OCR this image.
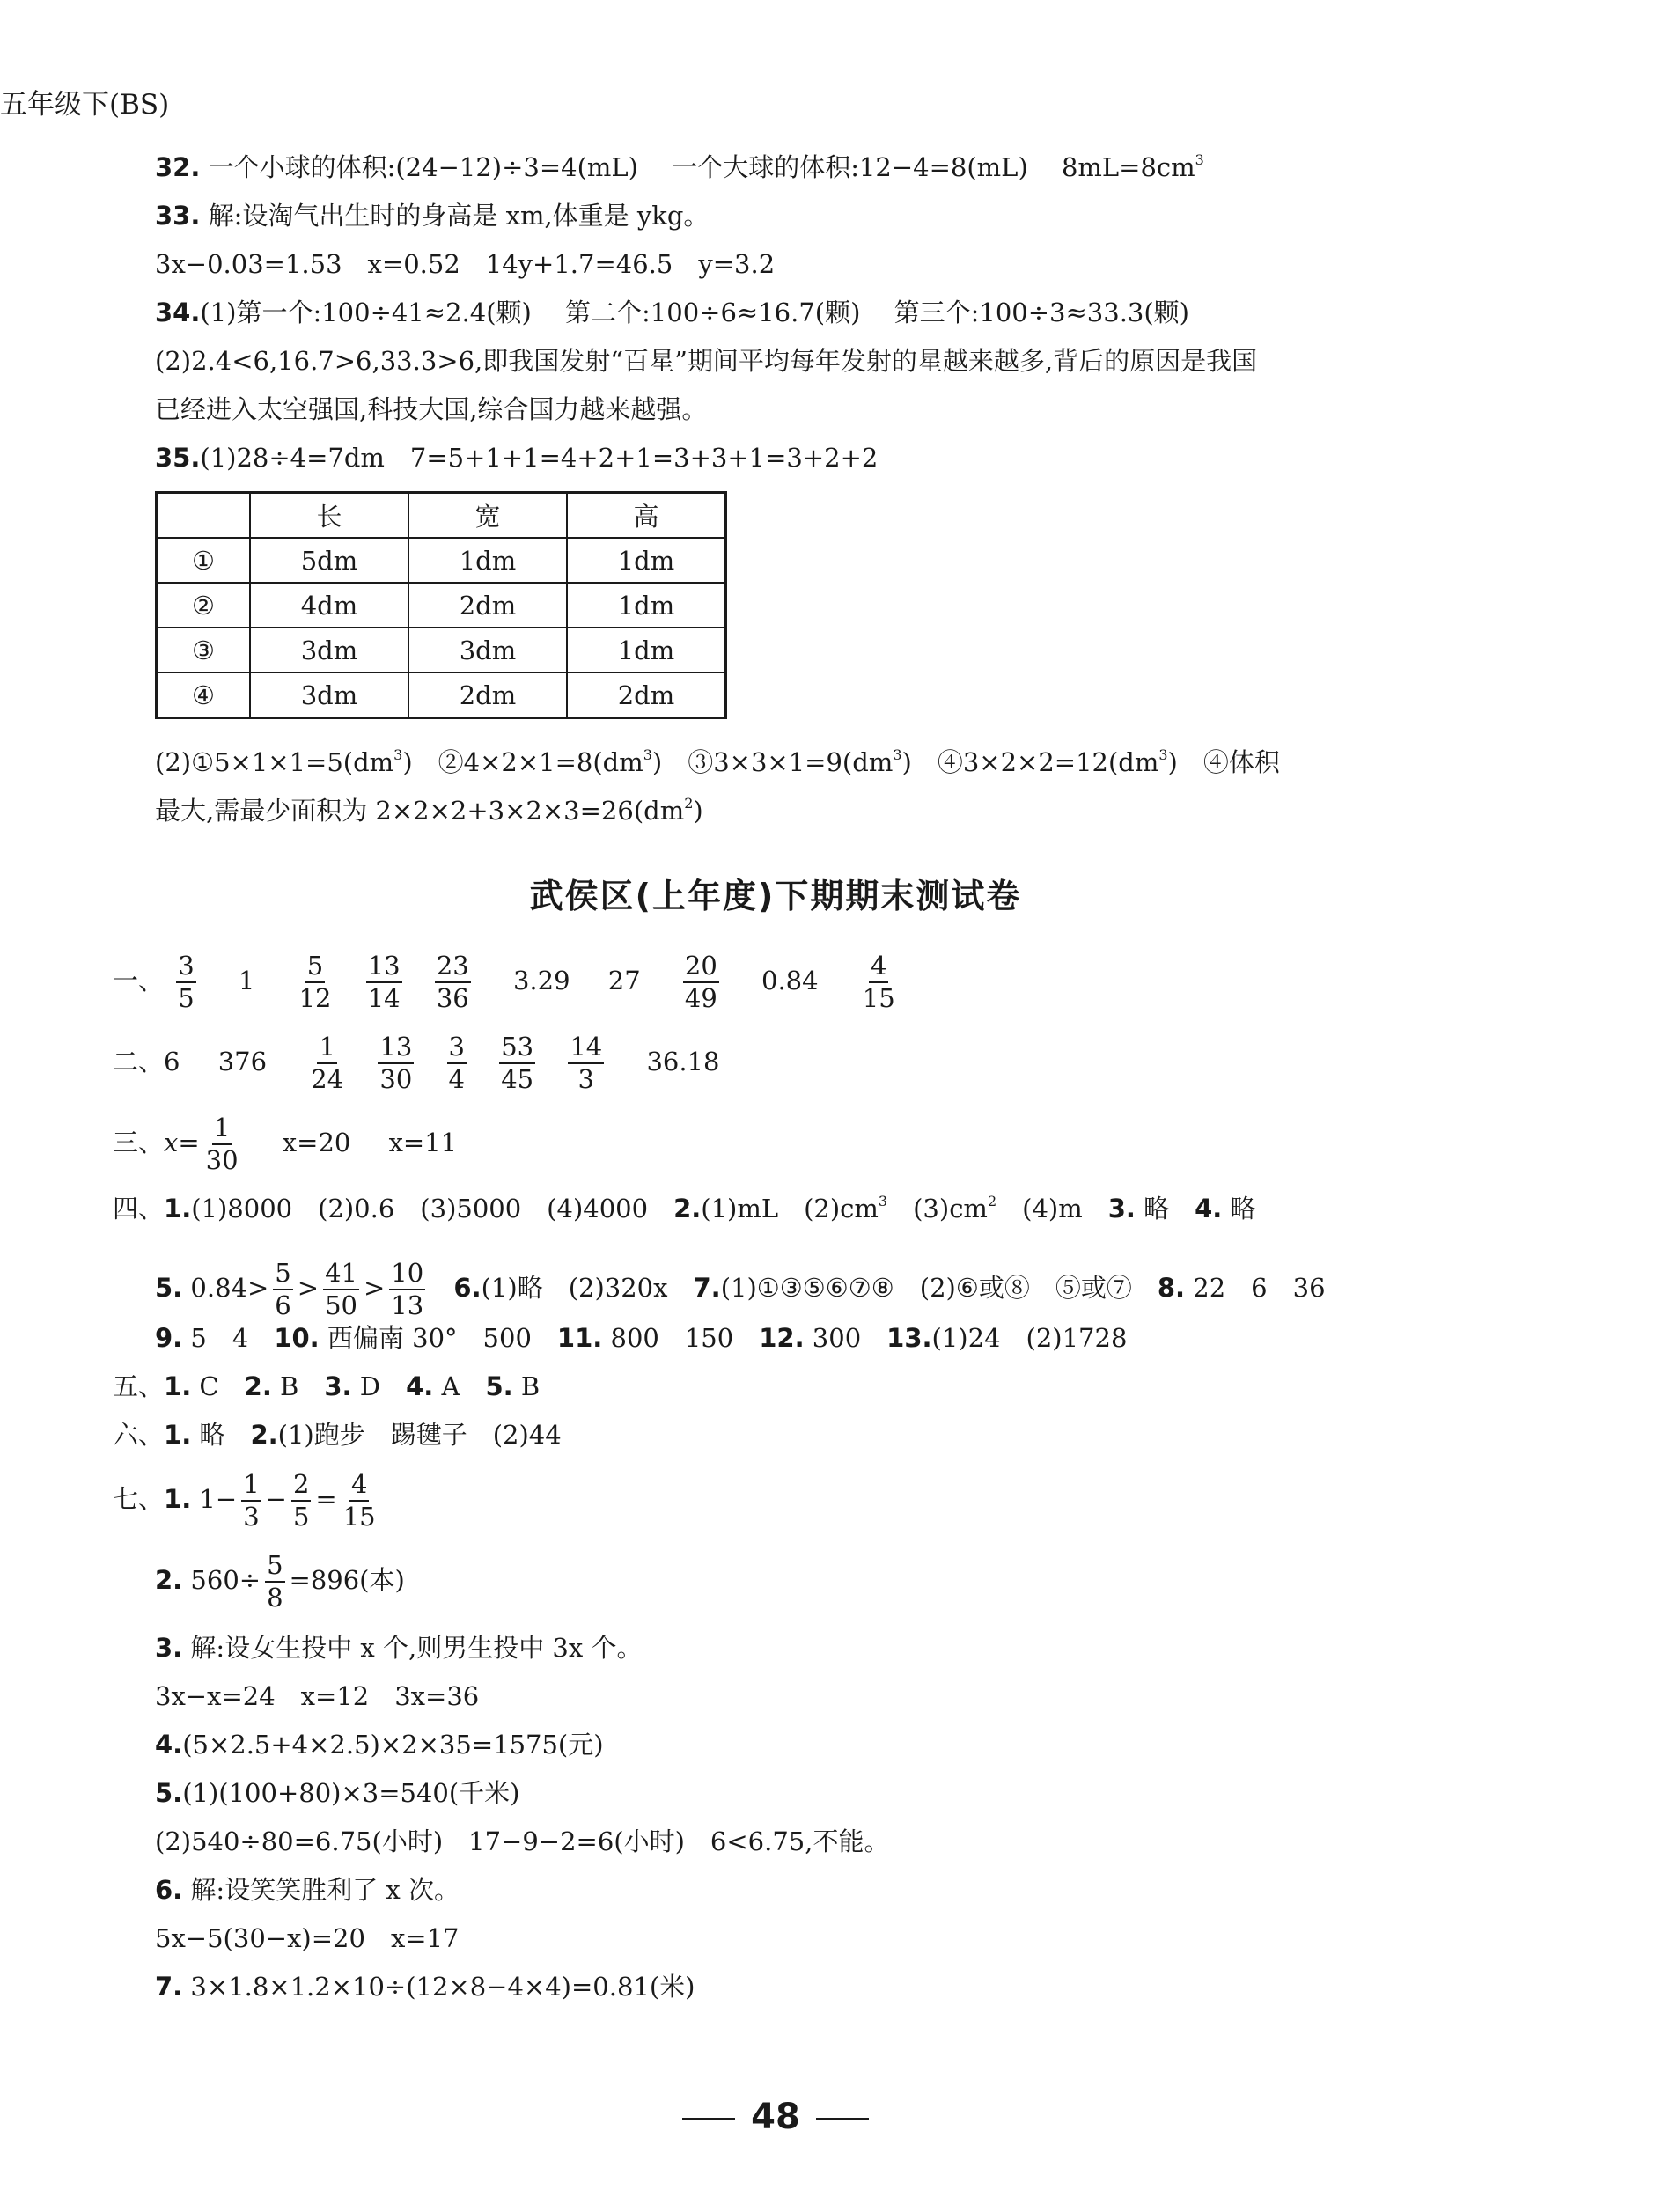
五年级下(BS)
32. 一个小球的体积:(24−12)÷3=4(mL)　 一个大球的体积:12−4=8(mL)　 $8mL=8cm^3$
33. 解:设淘气出生时的身高是 xm,体重是 ykg。
3x−0.03=1.53　x=0.52　14y+1.7=46.5　y=3.2
34.(1)第一个:100÷41≈2.4(颗)　 第二个:100÷6≈16.7(颗)　 第三个:100÷3≈33.3(颗)
(2)2.4<6,16.7>6,33.3>6,即我国发射“百星”期间平均每年发射的星越来越多,背后的原因是我国
已经进入太空强国,科技大国,综合国力越来越强。
35.(1)28÷4=7dm　7=5+1+1=4+2+1=3+3+1=3+2+2
	长	宽	高
①	5dm	1dm	1dm
②	4dm	2dm	1dm
③	3dm	3dm	1dm
④	3dm	2dm	2dm
$(2)①5\times 1\times 1=5(dm^3)$　$②4\times 2\times 1=8(dm^3)$　$③3\times 3\times 1=9(dm^3)$　$④3\times 2\times 2=12(dm^3)$　④体积
最大,需最少面积为 $2\times 2\times 2+3\times 2\times 3=26(dm^2)$
武侯区(上年度)下期期末测试卷
一、 $\frac{3}{5} 1 \frac{5}{12}$
$\frac{13}{14}$
$\frac{23}{36} 3.29$ $27 \frac{20}{49} 0.84 \frac{4}{15}$
二、6 $376 \frac{1}{24}$
$\frac{13}{30}$
$\frac{3}{4}$
$\frac{53}{45}$
$\frac{14}{3} 36.18$
三、$x= \frac{1}{30} x=20$ x=11
四、1.(1)8000　(2)0.6　(3)5000　(4)4000　2.(1)mL　$(2)cm^3$　$(3)cm^2$　(4)m　3. 略　4. 略
5. $0.84> \frac{5}{6} > \frac{41}{50} > \frac{10}{13} 6.(1)$略　(2)320x　7.(1)①③⑤⑥⑦⑧　(2)⑥或⑧　⑤或⑦　8. 22　6　36
9. 5　4　10. 西偏南 30°　500　11. 800　150　12. 300　13.(1)24　(2)1728
五、1. C　2. B　3. D　4. A　5. B
六、1. 略　2.(1)跑步　踢毽子　(2)44
七、1. $1- \frac{1}{3} - \frac{2}{5} = \frac{4}{15}$
2. $560\div \frac{5}{8} =896$(本)
3. 解:设女生投中 x 个,则男生投中 3x 个。
3x−x=24　x=12　3x=36
4.(5×2.5+4×2.5)×2×35=1575(元)
5.(1)(100+80)×3=540(千米)
(2)540÷80=6.75(小时)　17−9−2=6(小时)　6<6.75,不能。
6. 解:设笑笑胜利了 x 次。
5x−5(30−x)=20　x=17
7. 3×1.8×1.2×10÷(12×8−4×4)=0.81(米)
48
